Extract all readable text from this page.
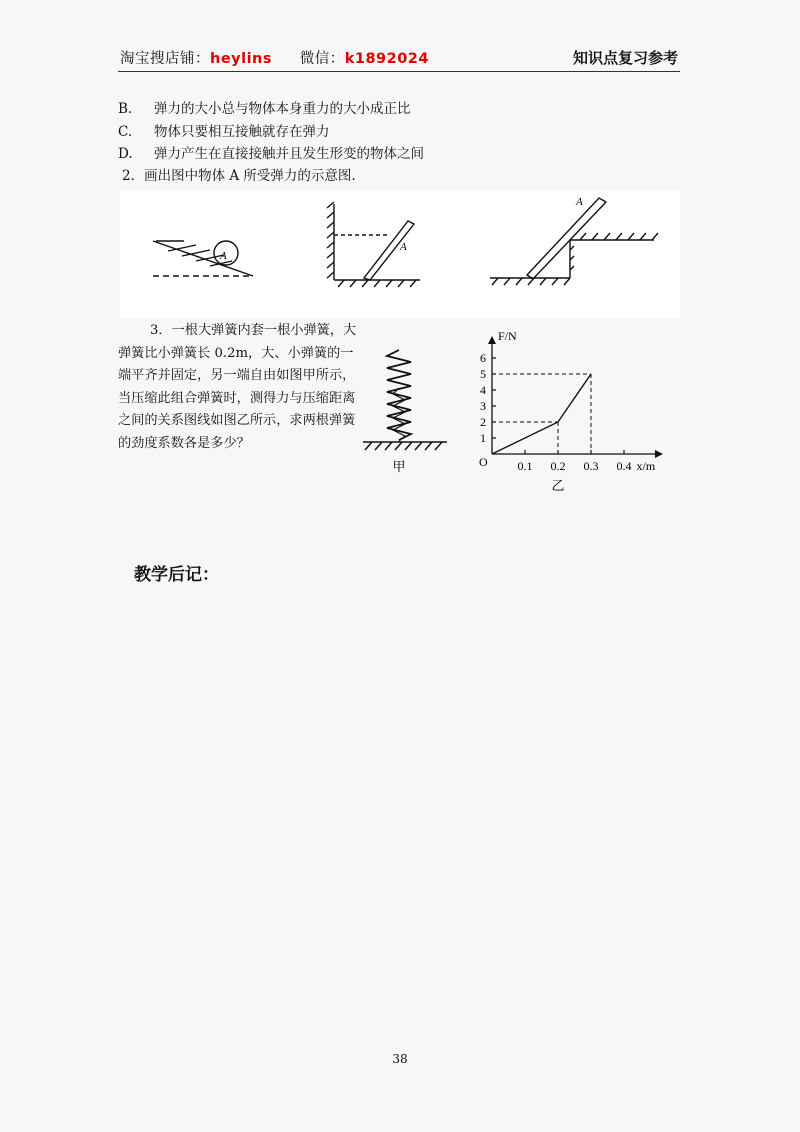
淘宝搜店铺：heylins 微信：k1892024	知识点复习参考
B. 弹力的大小总与物体本身重力的大小成正比
C. 物体只要相互接触就存在弹力
D. 弹力产生在直接接触并且发生形变的物体之间
2．画出图中物体 A 所受弹力的示意图.
A
A
A
3．一根大弹簧内套一根小弹簧，大弹簧比小弹簧长 0.2m，大、小弹簧的一端平齐并固定，另一端自由如图甲所示，当压缩此组合弹簧时，测得力与压缩距离之间的关系图线如图乙所示，求两根弹簧的劲度系数各是多少？
甲
F/N
x/m
O
乙
1
2
3
4
5
6
0.1 0.2 0.3 0.4
教学后记：
38
